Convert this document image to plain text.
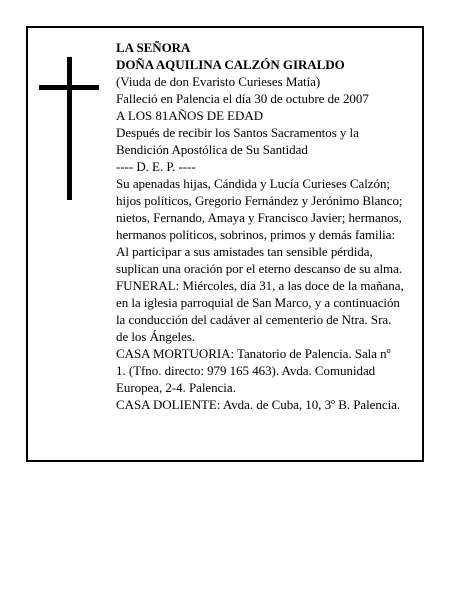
LA SEÑORA
DOÑA AQUILINA CALZÓN GIRALDO
(Viuda de don Evaristo Curieses Matía)
Falleció en Palencia el día 30 de octubre de 2007
A LOS 81AÑOS DE EDAD
Después de recibir los Santos Sacramentos y la
Bendición Apostólica de Su Santidad
---- D. E. P. ----
Su apenadas hijas, Cándida y Lucía Curieses Calzón;
hijos políticos, Gregorio Fernández y Jerónimo Blanco;
nietos, Fernando, Amaya y Francisco Javier; hermanos,
hermanos políticos, sobrinos, primos y demás familia:
Al participar a sus amistades tan sensible pérdida,
suplican una oración por el eterno descanso de su alma.
FUNERAL: Miércoles, día 31, a las doce de la mañana,
en la iglesia parroquial de San Marco, y a continuación
la conducción del cadáver al cementerio de Ntra. Sra.
de los Ángeles.
CASA MORTUORIA: Tanatorio de Palencia. Sala nº
1. (Tfno. directo: 979 165 463). Avda. Comunidad
Europea, 2-4. Palencia.
CASA DOLIENTE: Avda. de Cuba, 10, 3º B. Palencia.
